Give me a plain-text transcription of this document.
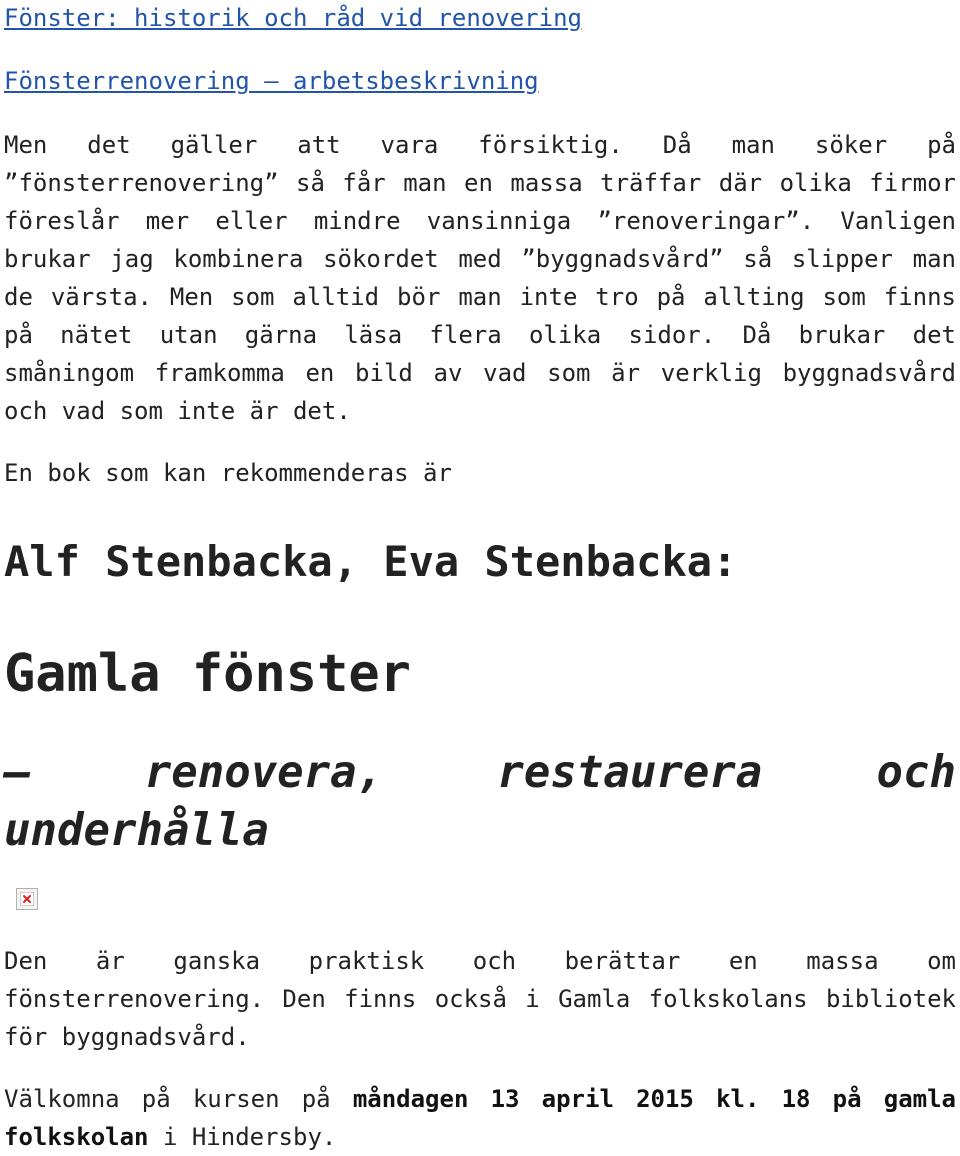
Fönster: historik och råd vid renovering

Fönsterrenovering – arbetsbeskrivning

Men det gäller att vara försiktig. Då man söker på ”fönsterrenovering” så får man en massa träffar där olika firmor föreslår mer eller mindre vansinniga ”renoveringar”. Vanligen brukar jag kombinera sökordet med ”byggnadsvård” så slipper man de värsta. Men som alltid bör man inte tro på allting som finns på nätet utan gärna läsa flera olika sidor. Då brukar det småningom framkomma en bild av vad som är verklig byggnadsvård och vad som inte är det.

En bok som kan rekommenderas är

Alf Stenbacka, Eva Stenbacka:
Gamla fönster
– renovera, restaurera och underhålla

Den är ganska praktisk och berättar en massa om fönsterrenovering. Den finns också i Gamla folkskolans bibliotek för byggnadsvård.

Välkomna på kursen på måndagen 13 april 2015 kl. 18 på gamla folkskolan i Hindersby.
